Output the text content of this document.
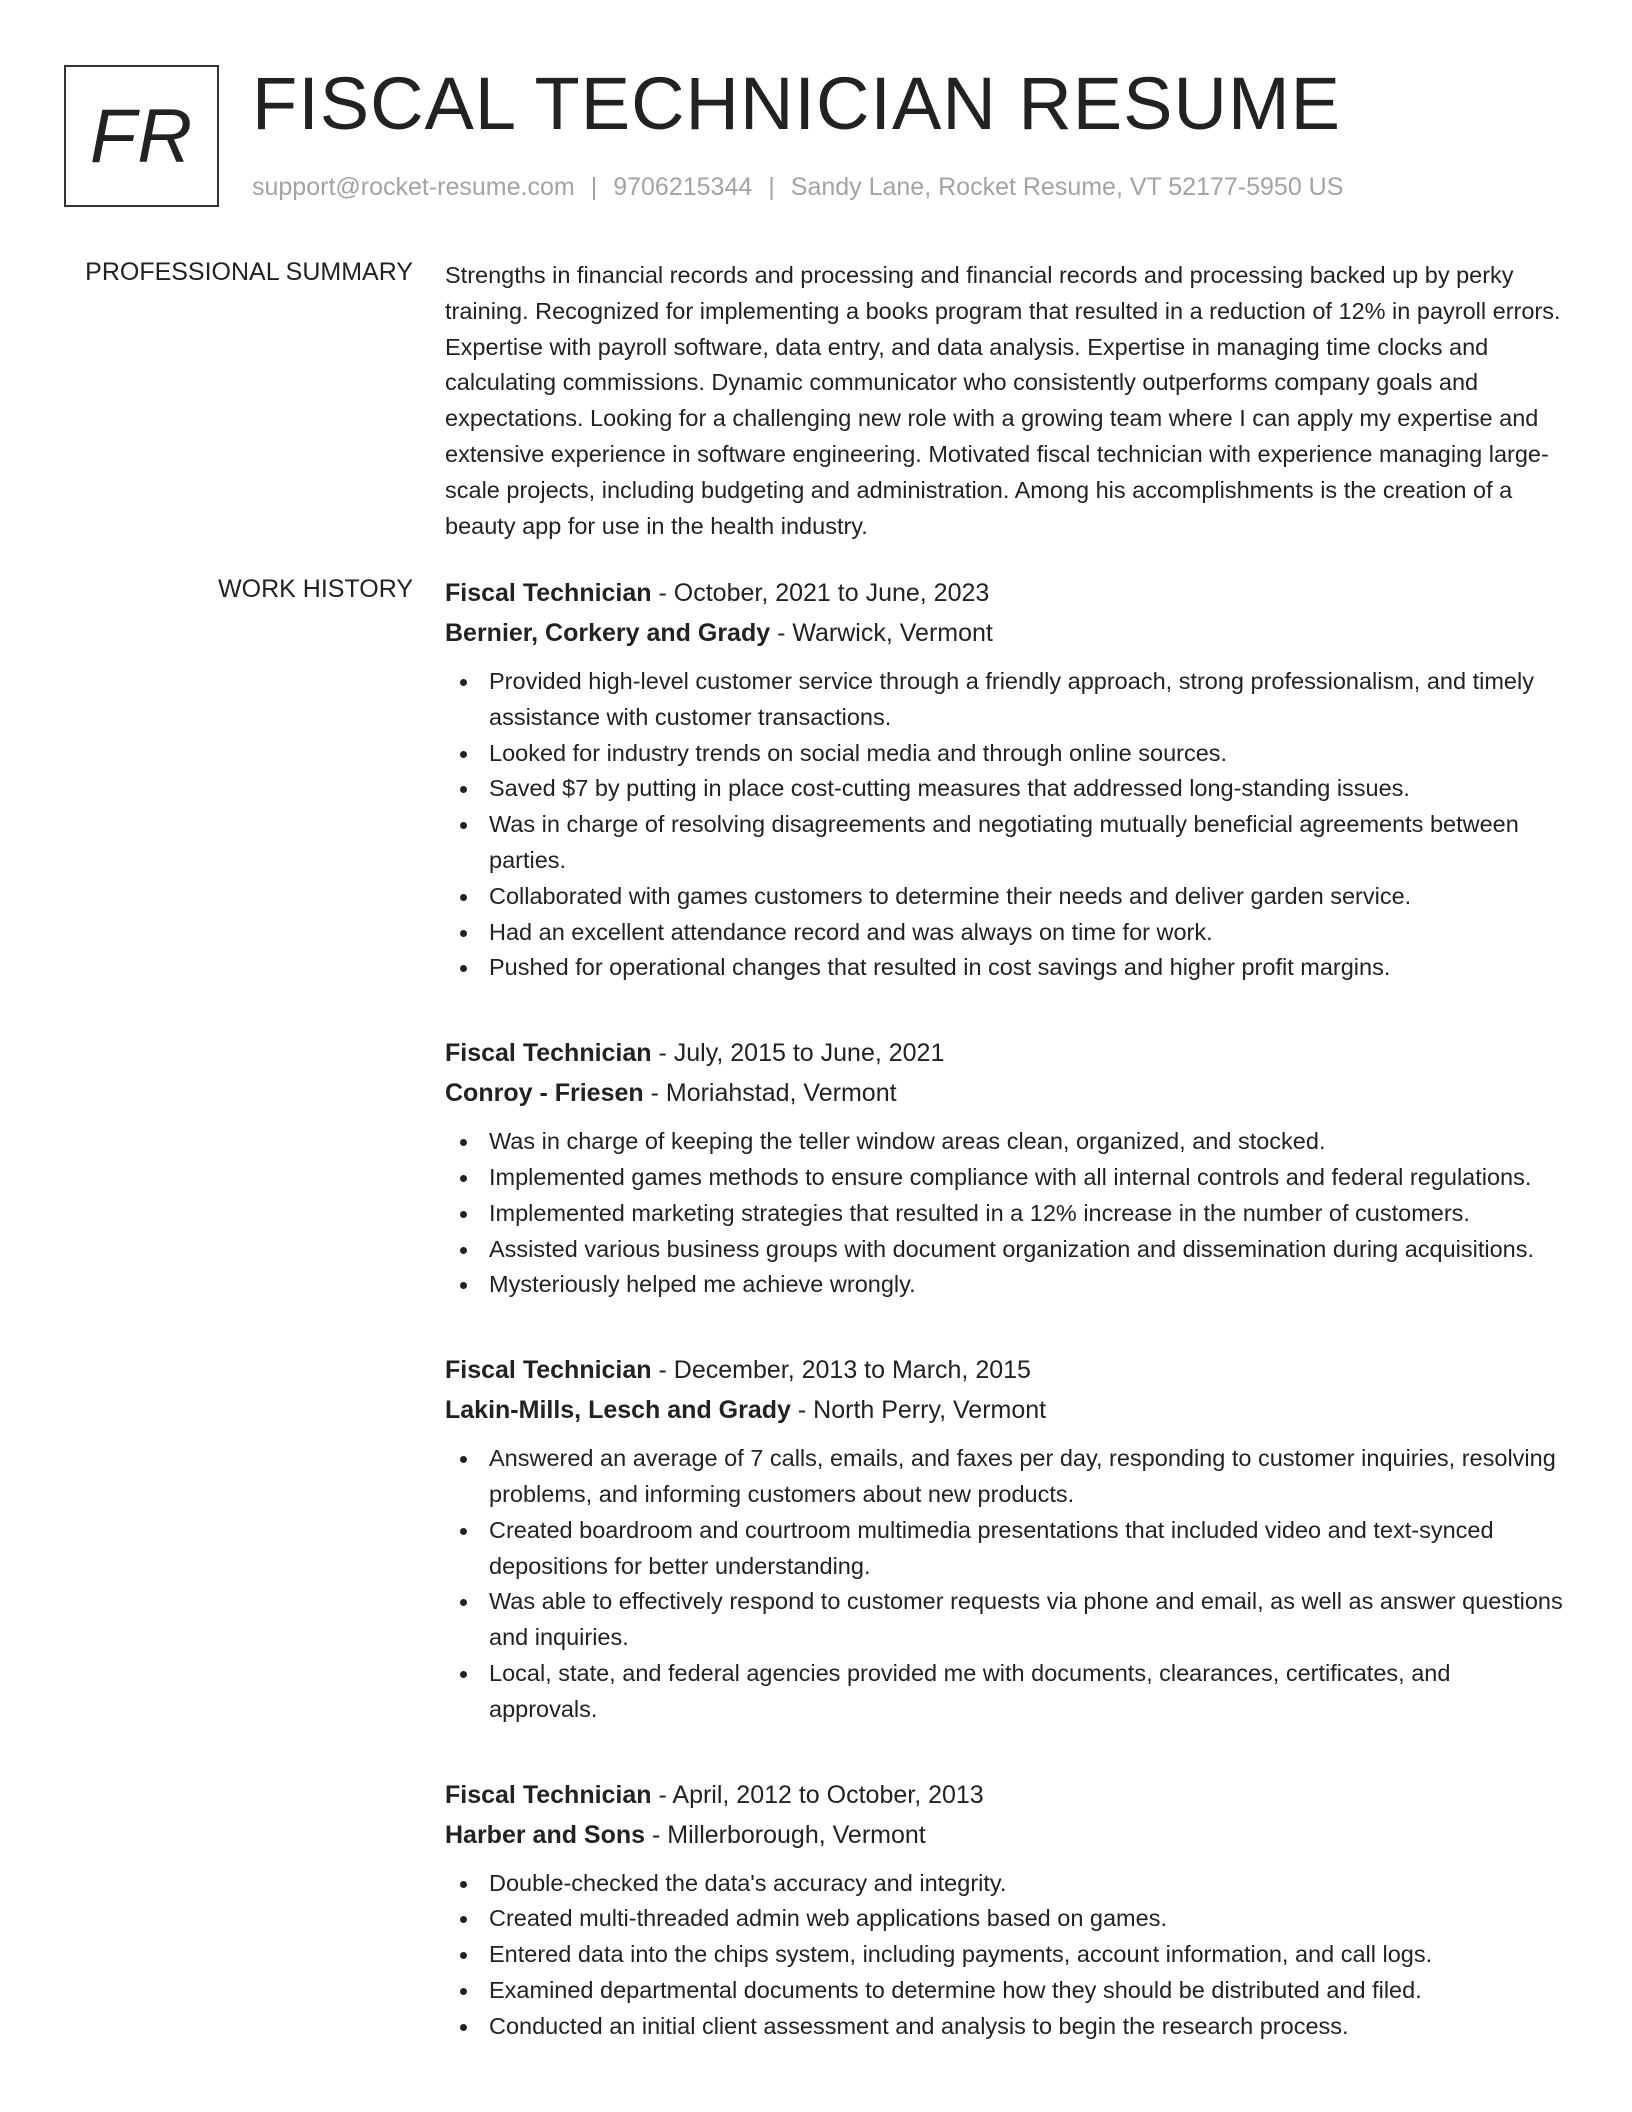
FR FISCAL TECHNICIAN RESUME
support@rocket-resume.com | 9706215344 | Sandy Lane, Rocket Resume, VT 52177-5950 US
PROFESSIONAL SUMMARY Strengths in financial records and processing and financial records and processing backed up by perky training. Recognized for implementing a books program that resulted in a reduction of 12% in payroll errors. Expertise with payroll software, data entry, and data analysis. Expertise in managing time clocks and calculating commissions. Dynamic communicator who consistently outperforms company goals and expectations. Looking for a challenging new role with a growing team where I can apply my expertise and extensive experience in software engineering. Motivated fiscal technician with experience managing large-scale projects, including budgeting and administration. Among his accomplishments is the creation of a beauty app for use in the health industry.

WORK HISTORY Fiscal Technician - October, 2021 to June, 2023
Bernier, Corkery and Grady - Warwick, Vermont
Provided high-level customer service through a friendly approach, strong professionalism, and timely assistance with customer transactions.
Looked for industry trends on social media and through online sources.
Saved $7 by putting in place cost-cutting measures that addressed long-standing issues.
Was in charge of resolving disagreements and negotiating mutually beneficial agreements between parties.
Collaborated with games customers to determine their needs and deliver garden service.
Had an excellent attendance record and was always on time for work.
Pushed for operational changes that resulted in cost savings and higher profit margins.
Fiscal Technician - July, 2015 to June, 2021
Conroy - Friesen - Moriahstad, Vermont
Was in charge of keeping the teller window areas clean, organized, and stocked.
Implemented games methods to ensure compliance with all internal controls and federal regulations.
Implemented marketing strategies that resulted in a 12% increase in the number of customers.
Assisted various business groups with document organization and dissemination during acquisitions.
Mysteriously helped me achieve wrongly.
Fiscal Technician - December, 2013 to March, 2015
Lakin-Mills, Lesch and Grady - North Perry, Vermont
Answered an average of 7 calls, emails, and faxes per day, responding to customer inquiries, resolving problems, and informing customers about new products.
Created boardroom and courtroom multimedia presentations that included video and text-synced depositions for better understanding.
Was able to effectively respond to customer requests via phone and email, as well as answer questions and inquiries.
Local, state, and federal agencies provided me with documents, clearances, certificates, and approvals.
Fiscal Technician - April, 2012 to October, 2013
Harber and Sons - Millerborough, Vermont
Double-checked the data's accuracy and integrity.
Created multi-threaded admin web applications based on games.
Entered data into the chips system, including payments, account information, and call logs.
Examined departmental documents to determine how they should be distributed and filed.
Conducted an initial client assessment and analysis to begin the research process.
